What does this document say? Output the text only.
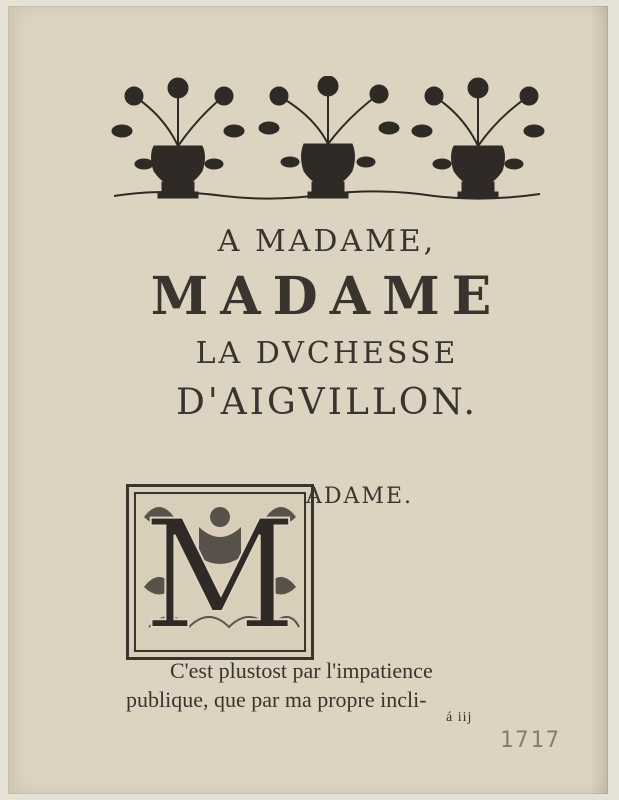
A MADAME,
MADAME
LA DVCHESSE
D'AIGVILLON.
M ADAME.
C'est plustost par l'impatience
publique, que par ma propre incli-
á iij
1717
